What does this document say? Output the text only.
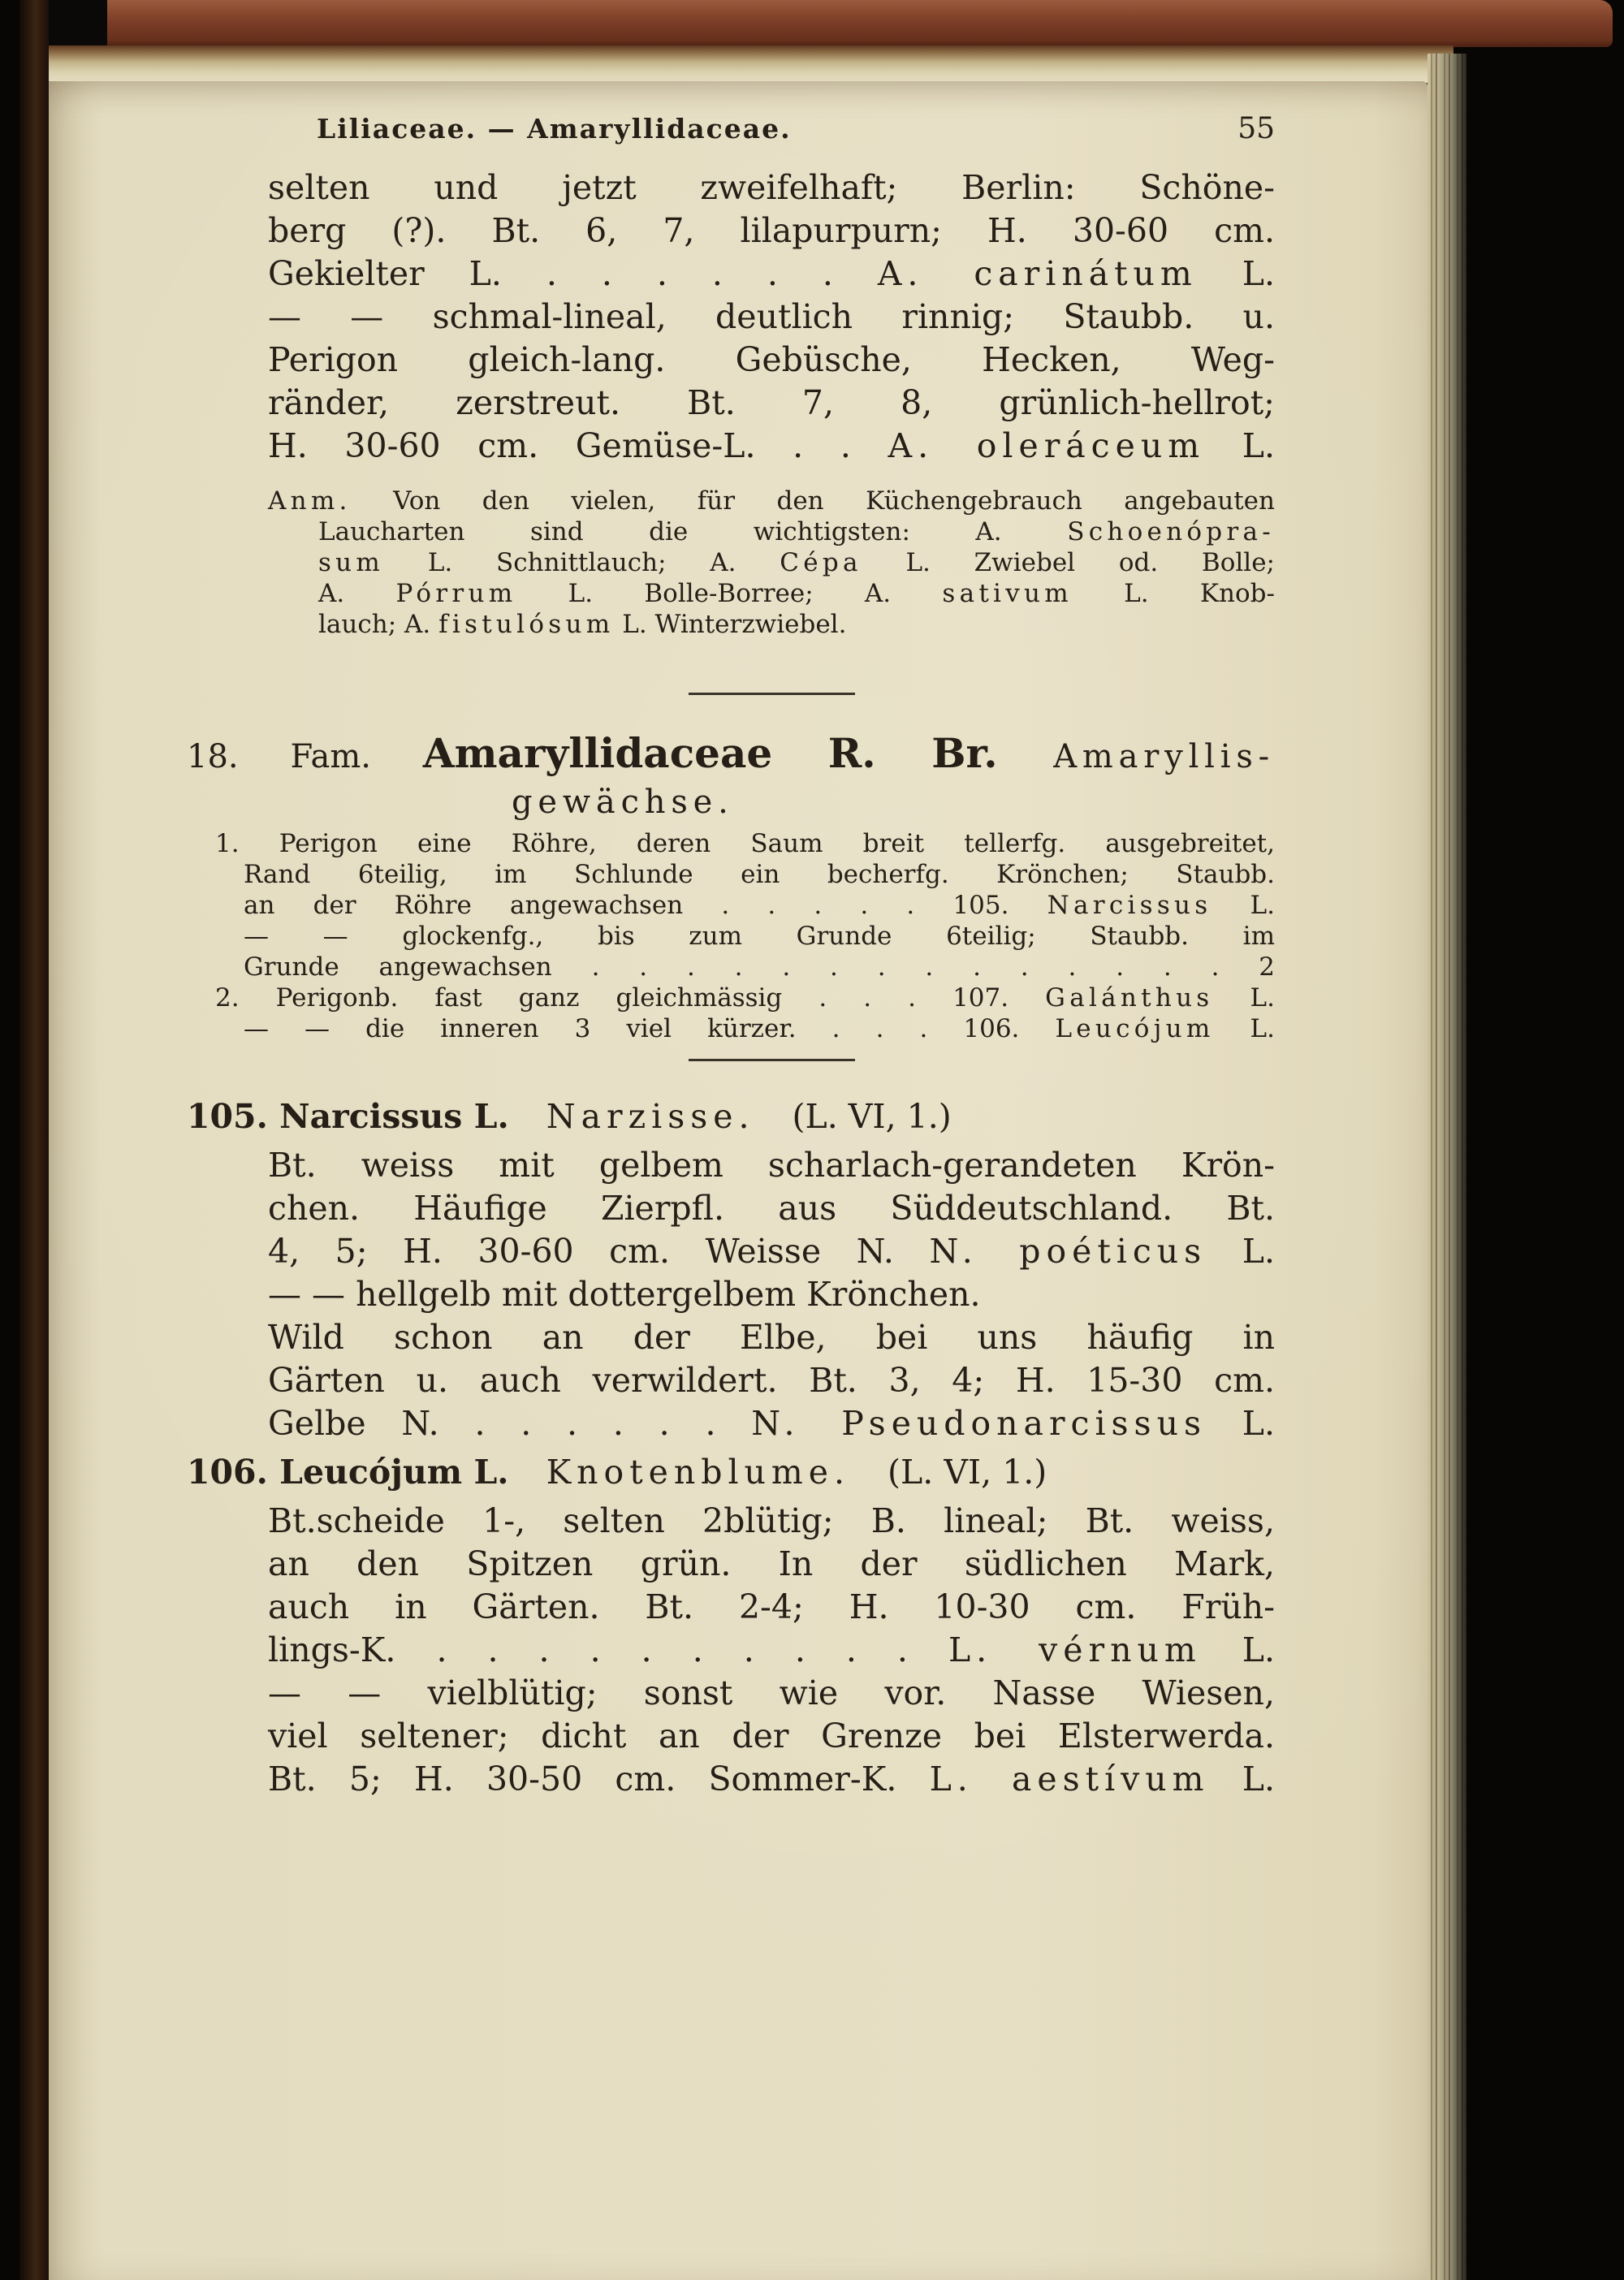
Liliaceae. — Amaryllidaceae.	55
selten und jetzt zweifelhaft; Berlin: Schöne-
berg (?). Bt. 6, 7, lilapurpurn; H. 30-60 cm.
Gekielter L. . . . . . . A. carinátum L.
— — schmal-lineal, deutlich rinnig; Staubb. u.
Perigon gleich-lang. Gebüsche, Hecken, Weg-
ränder, zerstreut. Bt. 7, 8, grünlich-hellrot;
H. 30-60 cm. Gemüse-L. . . A. oleráceum L.
Anm. Von den vielen, für den Küchengebrauch angebauten
Laucharten sind die wichtigsten: A. Schoenópra-
sum L. Schnittlauch; A. Cépa L. Zwiebel od. Bolle;
A. Pórrum L. Bolle-Borree; A. sativum L. Knob-
lauch; A. fistulósum L. Winterzwiebel.
18. Fam. Amaryllidaceae R. Br. Amaryllis-
gewächse.
1. Perigon eine Röhre, deren Saum breit tellerfg. ausgebreitet,
Rand 6teilig, im Schlunde ein becherfg. Krönchen; Staubb.
an der Röhre angewachsen . . . . . 105. Narcissus L.
— — glockenfg., bis zum Grunde 6teilig; Staubb. im
Grunde angewachsen . . . . . . . . . . . . . . 2
2. Perigonb. fast ganz gleichmässig . . . 107. Galánthus L.
— — die inneren 3 viel kürzer. . . . 106. Leucójum L.
105. Narcissus L. Narzisse. (L. VI, 1.)
Bt. weiss mit gelbem scharlach-gerandeten Krön-
chen. Häufige Zierpfl. aus Süddeutschland. Bt.
4, 5; H. 30-60 cm. Weisse N. N. poéticus L.
— — hellgelb mit dottergelbem Krönchen.
Wild schon an der Elbe, bei uns häufig in
Gärten u. auch verwildert. Bt. 3, 4; H. 15-30 cm.
Gelbe N. . . . . . . N. Pseudonarcissus L.
106. Leucójum L. Knotenblume. (L. VI, 1.)
Bt.scheide 1-, selten 2blütig; B. lineal; Bt. weiss,
an den Spitzen grün. In der südlichen Mark,
auch in Gärten. Bt. 2-4; H. 10-30 cm. Früh-
lings-K. . . . . . . . . . . L. vérnum L.
— — vielblütig; sonst wie vor. Nasse Wiesen,
viel seltener; dicht an der Grenze bei Elsterwerda.
Bt. 5; H. 30-50 cm. Sommer-K. L. aestívum L.
